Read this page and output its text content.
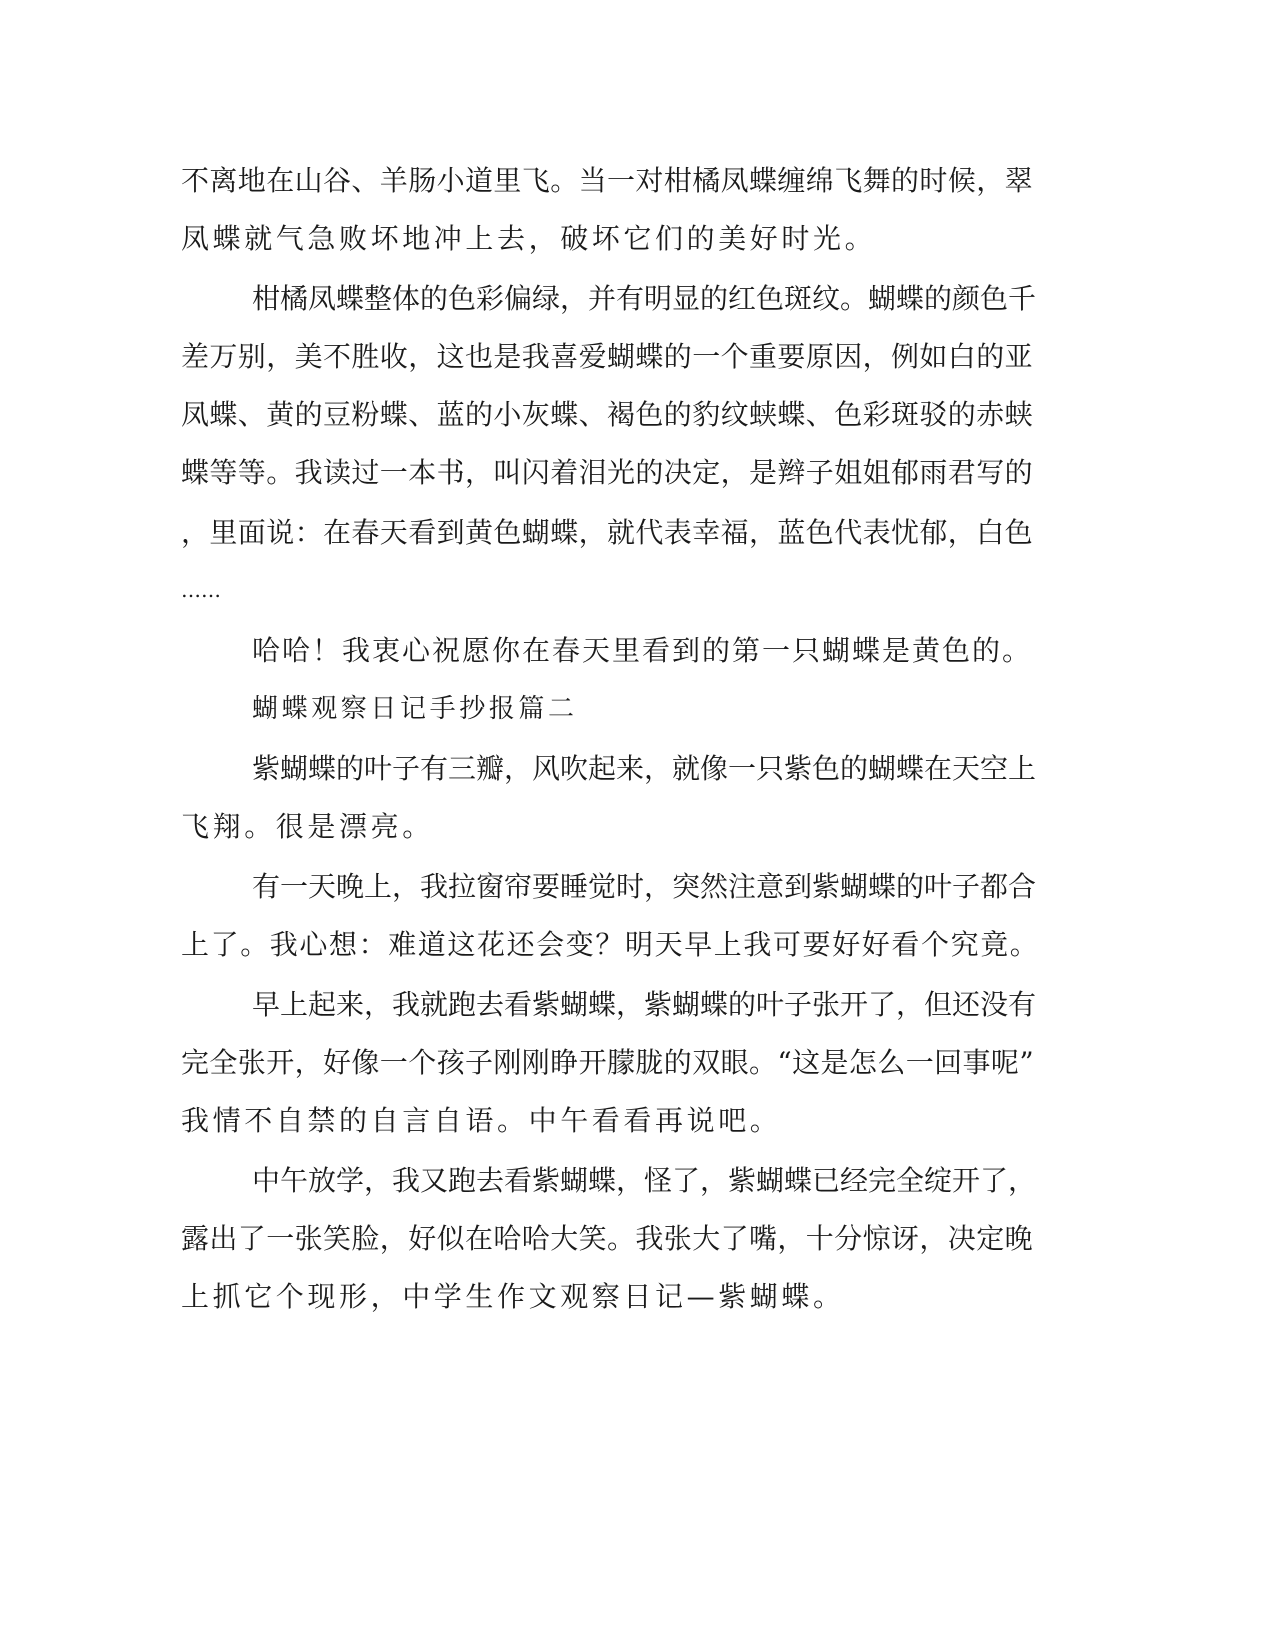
不离地在山谷、羊肠小道里飞。当一对柑橘凤蝶缠绵飞舞的时候，翠
凤蝶就气急败坏地冲上去，破坏它们的美好时光。
柑橘凤蝶整体的色彩偏绿，并有明显的红色斑纹。蝴蝶的颜色千
差万别，美不胜收，这也是我喜爱蝴蝶的一个重要原因，例如白的亚
凤蝶、黄的豆粉蝶、蓝的小灰蝶、褐色的豹纹蛱蝶、色彩斑驳的赤蛱
蝶等等。我读过一本书，叫闪着泪光的决定，是辫子姐姐郁雨君写的
，里面说：在春天看到黄色蝴蝶，就代表幸福，蓝色代表忧郁，白色
……
哈哈！我衷心祝愿你在春天里看到的第一只蝴蝶是黄色的。
蝴蝶观察日记手抄报篇二
紫蝴蝶的叶子有三瓣，风吹起来，就像一只紫色的蝴蝶在天空上
飞翔。很是漂亮。
有一天晚上，我拉窗帘要睡觉时，突然注意到紫蝴蝶的叶子都合
上了。我心想：难道这花还会变？明天早上我可要好好看个究竟。
早上起来，我就跑去看紫蝴蝶，紫蝴蝶的叶子张开了，但还没有
完全张开，好像一个孩子刚刚睁开朦胧的双眼。“这是怎么一回事呢”
我情不自禁的自言自语。中午看看再说吧。
中午放学，我又跑去看紫蝴蝶，怪了，紫蝴蝶已经完全绽开了，
露出了一张笑脸，好似在哈哈大笑。我张大了嘴，十分惊讶，决定晚
上抓它个现形，中学生作文观察日记—紫蝴蝶。
